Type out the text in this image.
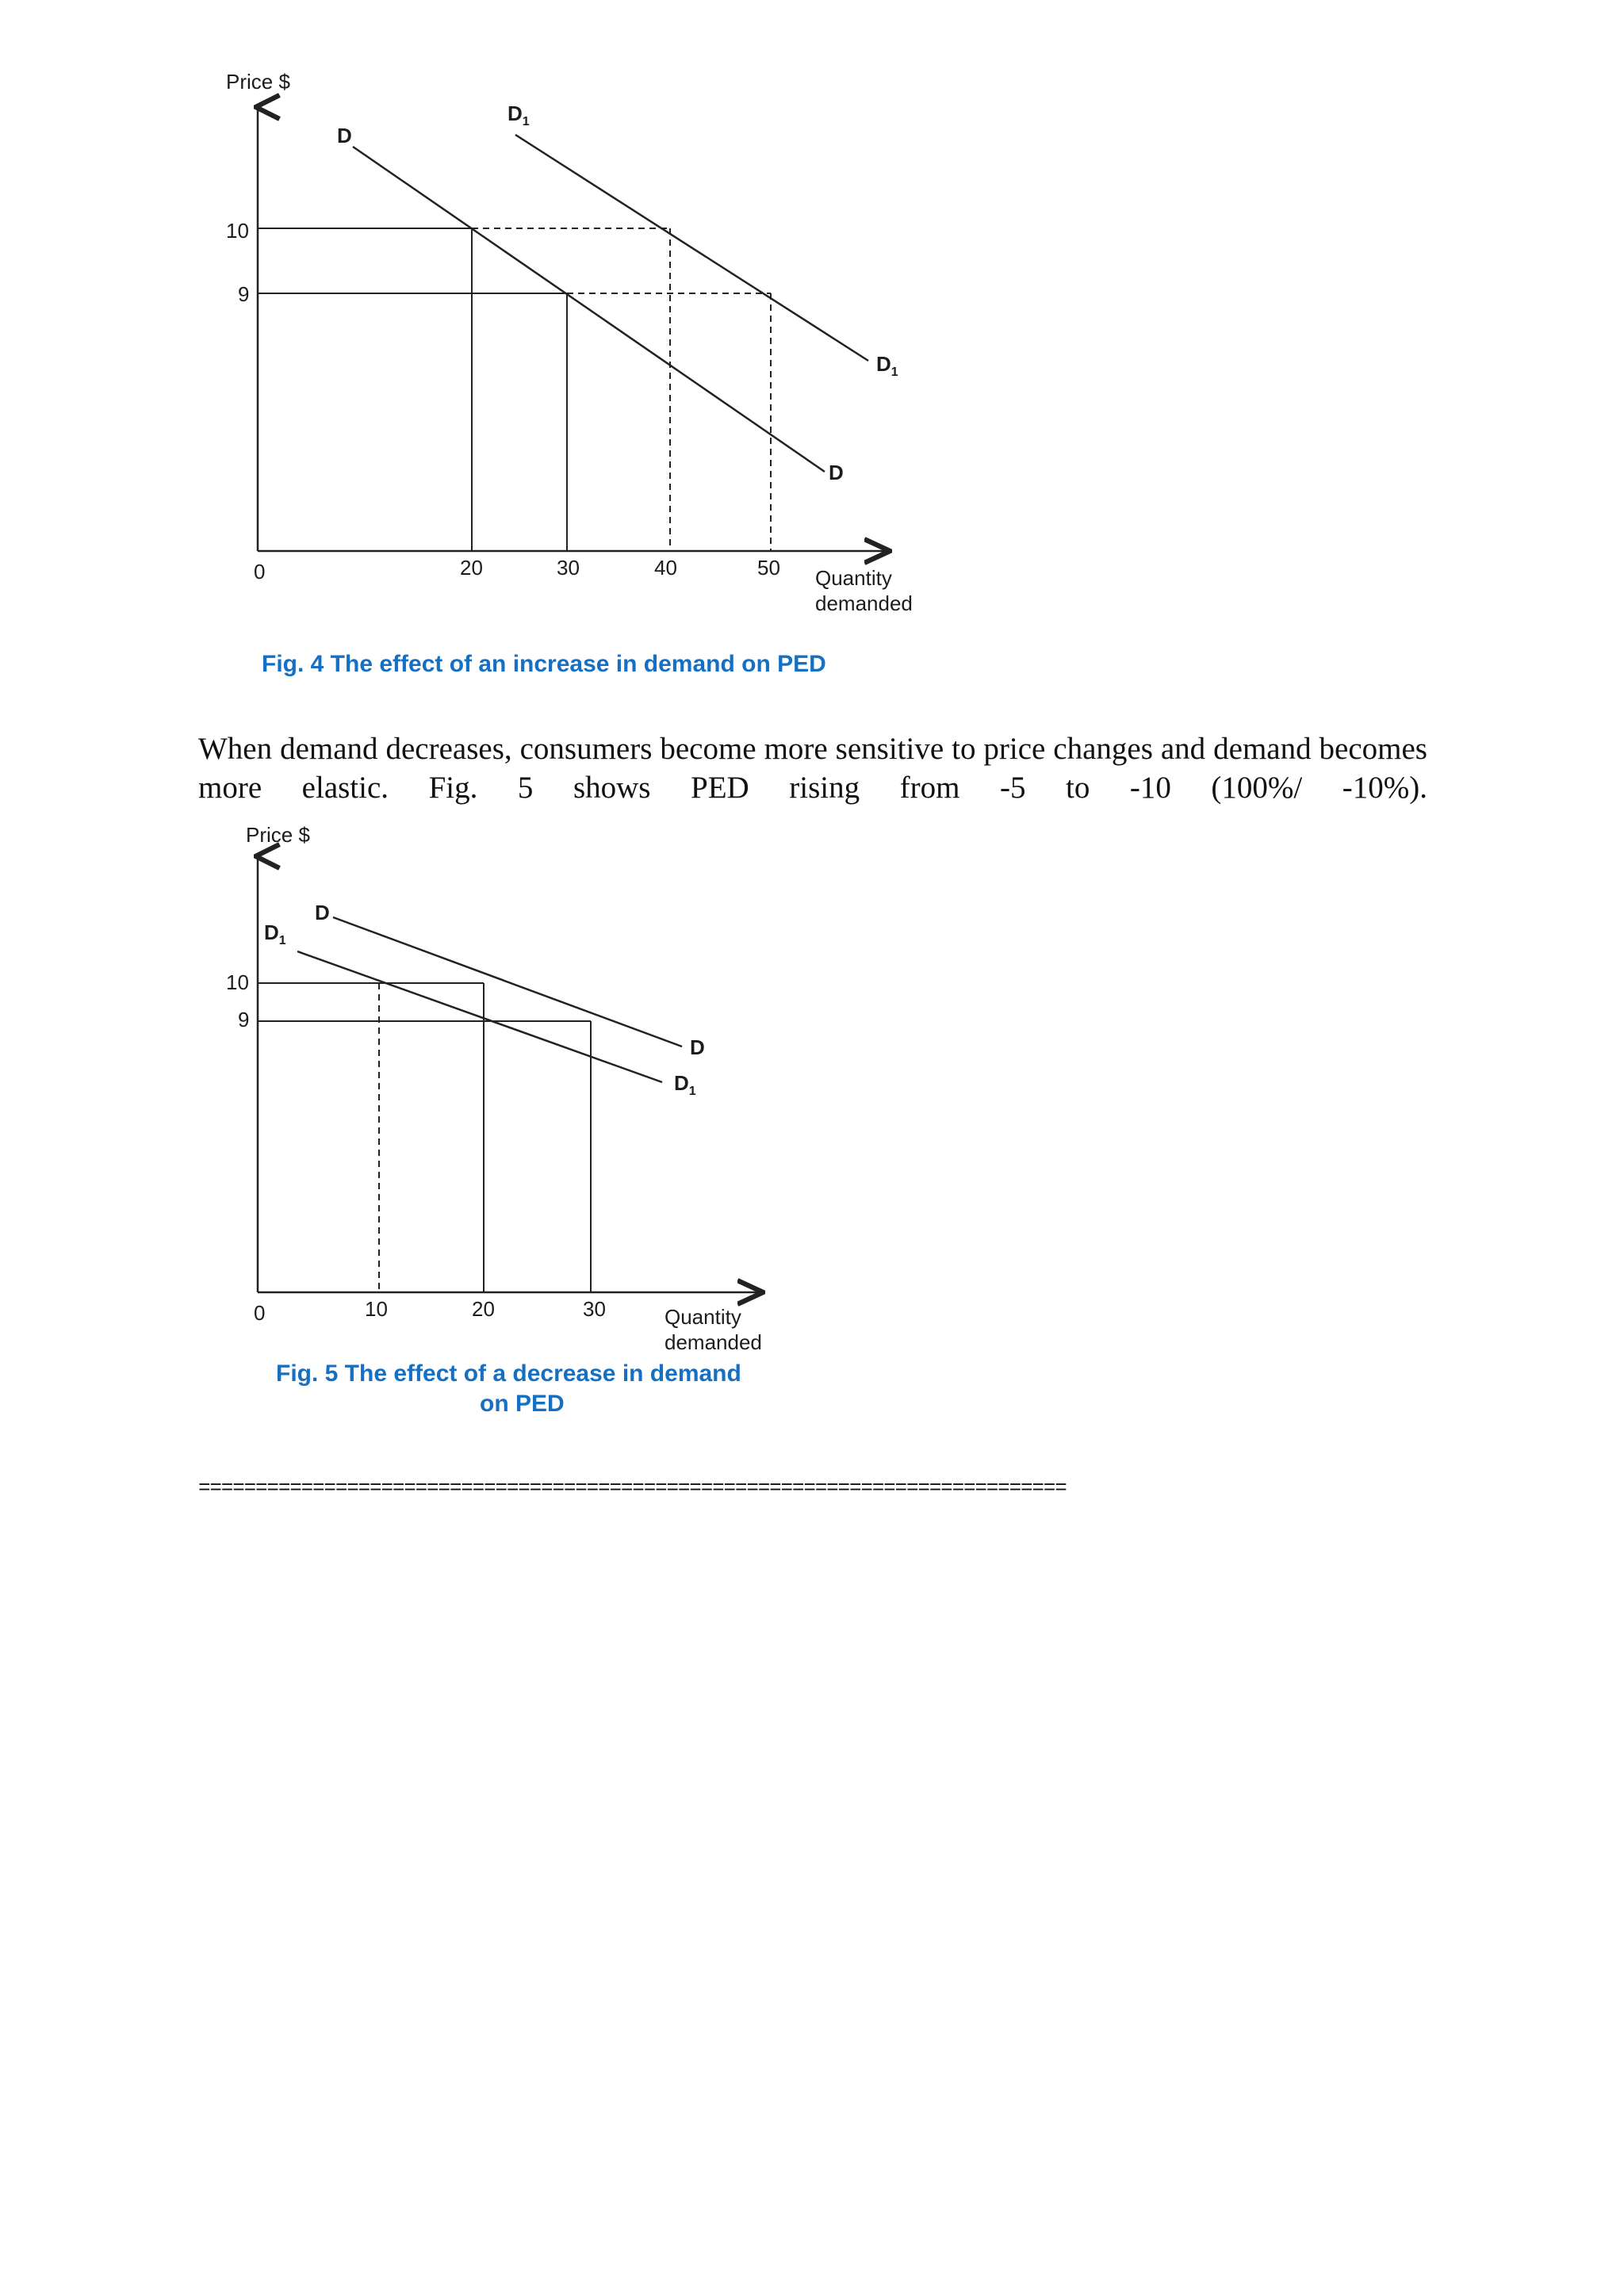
Price $
0
10
9
20	30	40	50 Quantity
demanded
D
D
$D_1$
$D_1$
Fig. 4 The effect of an increase in demand on PED

When demand decreases, consumers become more sensitive to price changes and demand becomes more elastic. Fig. 5 shows PED rising from -5 to -10 (100%/ -10%).

Price $
0
10
9
10	20	30	Quantity
demanded
D
D
$D_1$
$D_1$
Fig. 5 The effect of a decrease in demand
on PED
============================================================================
